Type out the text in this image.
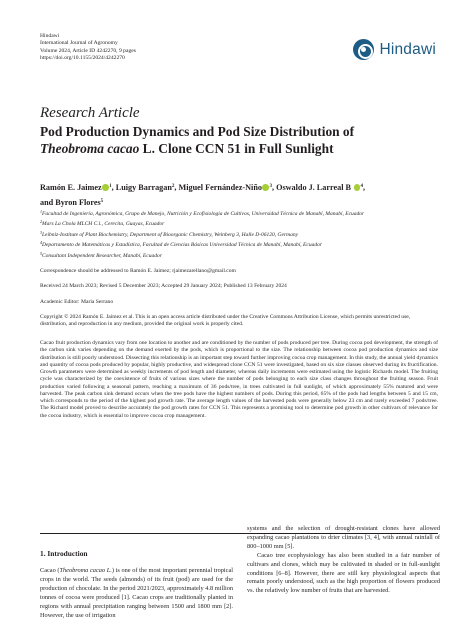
Hindawi
International Journal of Agronomy
Volume 2024, Article ID 4242270, 9 pages
https://doi.org/10.1155/2024/4242270
Hindawi
Research Article
Pod Production Dynamics and Pod Size Distribution of
Theobroma cacao L. Clone CCN 51 in Full Sunlight
Ramón E. Jaimez $^1$, Luigy Barragan$^2$, Miguel Fernández-Niño $^3$, Oswaldo J. Larreal B $^4$,
and Byron Flores$^5$
$^1$Facultad de Ingeniería, Agronómica, Grupo de Manejo, Nutrición y Ecofisiología de Cultivos, Universidad Técnica de Manabí, Manabí, Ecuador
$^2$Mars La Chola MLCH C.l., Cerecita, Guayas, Ecuador
$^3$Leibniz-Institute of Plant Biochemistry, Department of Bioorganic Chemistry, Weinberg 3, Halle D-06120, Germany
$^4$Departamento de Matemáticas y Estadística, Facultad de Ciencias Básicas Universidad Técnica de Manabí, Manabí, Ecuador
$^5$Consultant Independent Researcher, Manabí, Ecuador
Correspondence should be addressed to Ramón E. Jaimez; rjaimezarellano@gmail.com
Received 24 March 2023; Revised 5 December 2023; Accepted 29 January 2024; Published 13 February 2024
Academic Editor: Maria Serrano
Copyright © 2024 Ramón E. Jaimez et al. This is an open access article distributed under the Creative Commons Attribution License, which permits unrestricted use, distribution, and reproduction in any medium, provided the original work is properly cited.
Cacao fruit production dynamics vary from one location to another and are conditioned by the number of pods produced per tree. During cocoa pod development, the strength of the carbon sink varies depending on the demand exerted by the pods, which is proportional to the size. The relationship between cocoa pod production dynamics and size distribution is still poorly understood. Dissecting this relationship is an important step toward further improving cocoa crop management. In this study, the annual yield dynamics and quantity of cocoa pods produced by popular, highly productive, and widespread clone CCN 51 were investigated, based on six size classes observed during its fructification. Growth parameters were determined as weekly increments of pod length and diameter, whereas daily increments were estimated using the logistic Richards model. The fruiting cycle was characterized by the coexistence of fruits of various sizes where the number of pods belonging to each size class changes throughout the fruiting season. Fruit production varied following a seasonal pattern, reaching a maximum of 36 pods/tree, in trees cultivated in full sunlight, of which approximately 55% matured and were harvested. The peak carbon sink demand occurs when the tree pods have the highest numbers of pods. During this period, 65% of the pods had lengths between 5 and 15 cm, which corresponds to the period of the highest pod growth rate. The average length values of the harvested pods were generally below 23 cm and rarely exceeded 7 pods/tree. The Richard model proved to describe accurately the pod growth rates for CCN 51. This represents a promising tool to determine pod growth in other cultivars of relevance for the cocoa industry, which is essential to improve cocoa crop management.
1. Introduction
Cacao (Theobroma cacao L.) is one of the most important perennial tropical crops in the world. The seeds (almonds) of its fruit (pod) are used for the production of chocolate. In the period 2021/2023, approximately 4.8 million tonnes of cocoa were produced [1]. Cacao crops are traditionally planted in regions with annual precipitation ranging between 1500 and 1800 mm [2]. However, the use of irrigation
systems and the selection of drought-resistant clones have allowed expanding cacao plantations to drier climates [3, 4], with annual rainfall of 800–1000 mm [5].
Cacao tree ecophysiology has also been studied in a fair number of cultivars and clones, which may be cultivated in shaded or in full-sunlight conditions [6–8]. However, there are still key physiological aspects that remain poorly understood, such as the high proportion of flowers produced vs. the relatively low number of fruits that are harvested.
